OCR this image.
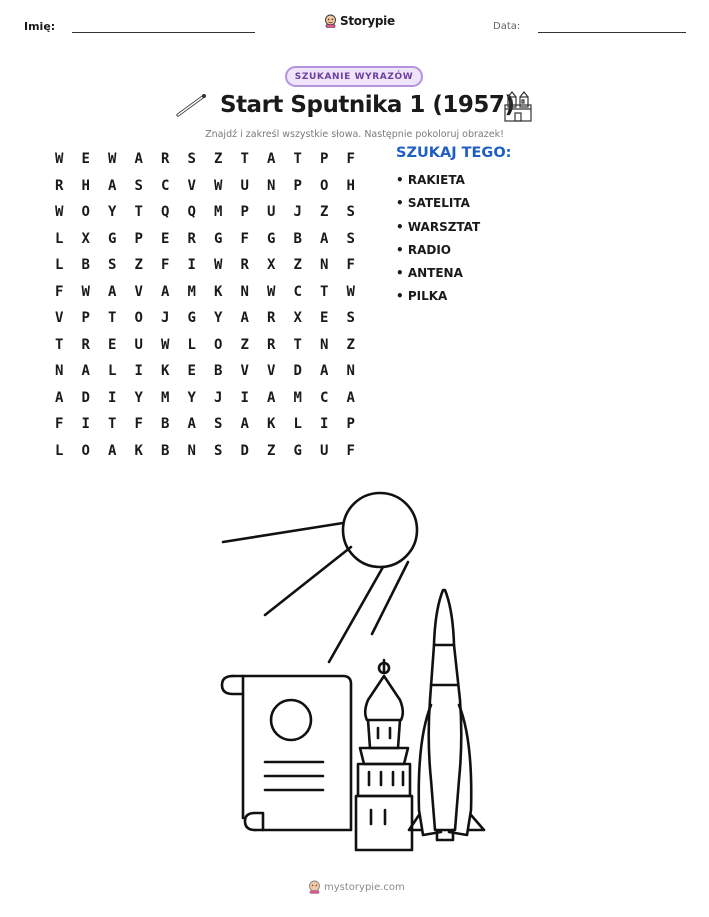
Imię:	Storypie	Data:
SZUKANIE WYRAZÓW
Start Sputnika 1 (1957)
Znajdź i zakreśl wszystkie słowa. Następnie pokoloruj obrazek!
W	E	W	A	R	S	Z	T	A	T	P	F
R	H	A	S	C	V	W	U	N	P	O	H
W	O	Y	T	Q	Q	M	P	U	J	Z	S
L	X	G	P	E	R	G	F	G	B	A	S
L	B	S	Z	F	I	W	R	X	Z	N	F
F	W	A	V	A	M	K	N	W	C	T	W
V	P	T	O	J	G	Y	A	R	X	E	S
T	R	E	U	W	L	O	Z	R	T	N	Z
N	A	L	I	K	E	B	V	V	D	A	N
A	D	I	Y	M	Y	J	I	A	M	C	A
F	I	T	F	B	A	S	A	K	L	I	P
L	O	A	K	B	N	S	D	Z	G	U	F
SZUKAJ TEGO:
• RAKIETA
• SATELITA
• WARSZTAT
• RADIO
• ANTENA
• PILKA
mystorypie.com
